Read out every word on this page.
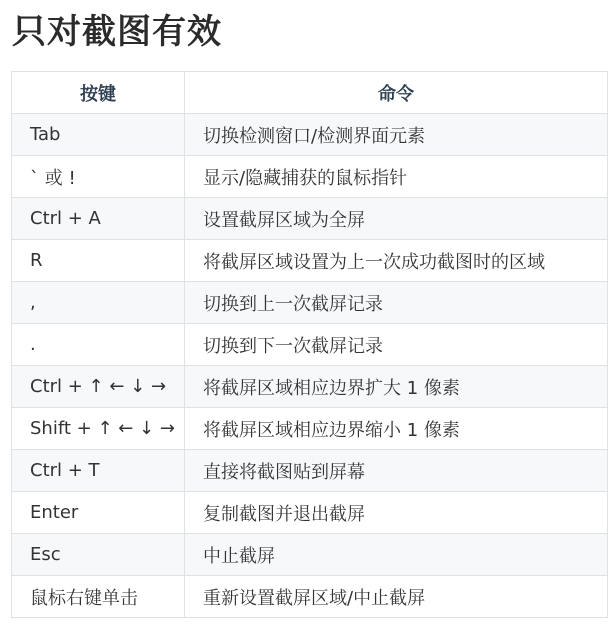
只对截图有效
按键	命令
Tab	切换检测窗口/检测界面元素
` 或 !	显示/隐藏捕获的鼠标指针
Ctrl + A	设置截屏区域为全屏
R	将截屏区域设置为上一次成功截图时的区域
,	切换到上一次截屏记录
.	切换到下一次截屏记录
Ctrl + ↑ ← ↓ →	将截屏区域相应边界扩大 1 像素
Shift + ↑ ← ↓ →	将截屏区域相应边界缩小 1 像素
Ctrl + T	直接将截图贴到屏幕
Enter	复制截图并退出截屏
Esc	中止截屏
鼠标右键单击	重新设置截屏区域/中止截屏
